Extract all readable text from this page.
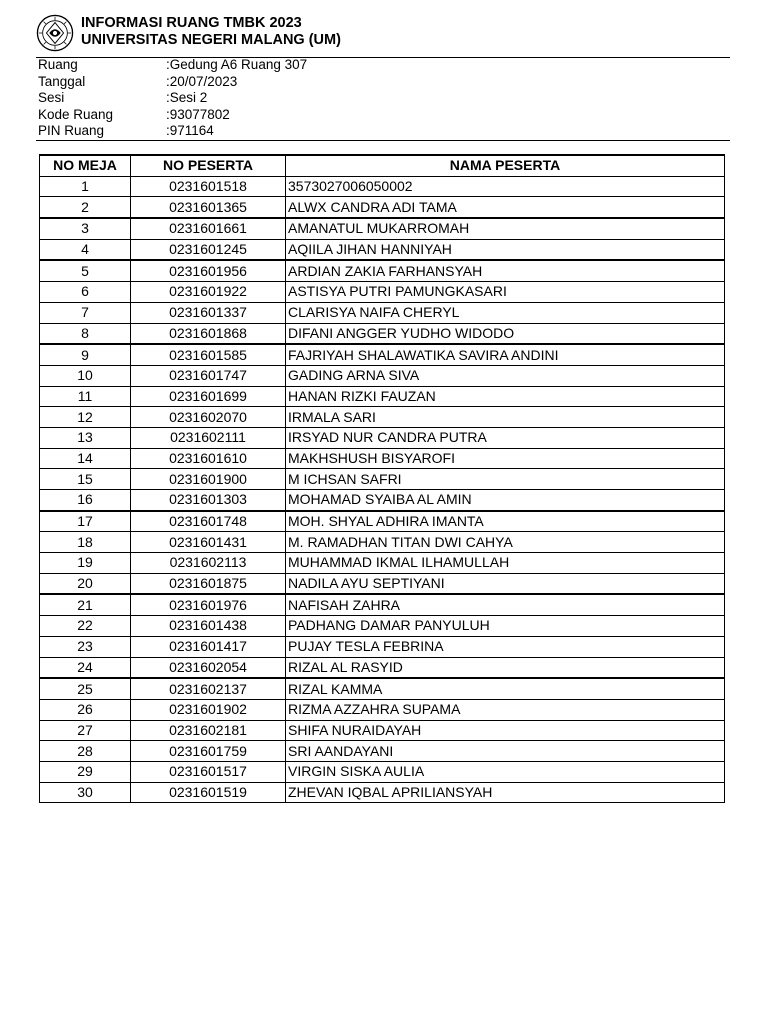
INFORMASI RUANG TMBK 2023
UNIVERSITAS NEGERI MALANG (UM)
Ruang	:Gedung A6 Ruang 307
Tanggal	:20/07/2023
Sesi	:Sesi 2
Kode Ruang	:93077802
PIN Ruang	:971164
NO MEJA	NO PESERTA	NAMA PESERTA
1	0231601518	3573027006050002
2	0231601365	ALWX CANDRA ADI TAMA
3	0231601661	AMANATUL MUKARROMAH
4	0231601245	AQIILA JIHAN HANNIYAH
5	0231601956	ARDIAN ZAKIA FARHANSYAH
6	0231601922	ASTISYA PUTRI PAMUNGKASARI
7	0231601337	CLARISYA NAIFA CHERYL
8	0231601868	DIFANI ANGGER YUDHO WIDODO
9	0231601585	FAJRIYAH SHALAWATIKA SAVIRA ANDINI
10	0231601747	GADING ARNA SIVA
11	0231601699	HANAN RIZKI FAUZAN
12	0231602070	IRMALA SARI
13	0231602111	IRSYAD NUR CANDRA PUTRA
14	0231601610	MAKHSHUSH BISYAROFI
15	0231601900	M ICHSAN SAFRI
16	0231601303	MOHAMAD SYAIBA AL AMIN
17	0231601748	MOH. SHYAL ADHIRA IMANTA
18	0231601431	M. RAMADHAN TITAN DWI CAHYA
19	0231602113	MUHAMMAD IKMAL ILHAMULLAH
20	0231601875	NADILA AYU SEPTIYANI
21	0231601976	NAFISAH ZAHRA
22	0231601438	PADHANG DAMAR PANYULUH
23	0231601417	PUJAY TESLA FEBRINA
24	0231602054	RIZAL AL RASYID
25	0231602137	RIZAL KAMMA
26	0231601902	RIZMA AZZAHRA SUPAMA
27	0231602181	SHIFA NURAIDAYAH
28	0231601759	SRI AANDAYANI
29	0231601517	VIRGIN SISKA AULIA
30	0231601519	ZHEVAN IQBAL APRILIANSYAH
